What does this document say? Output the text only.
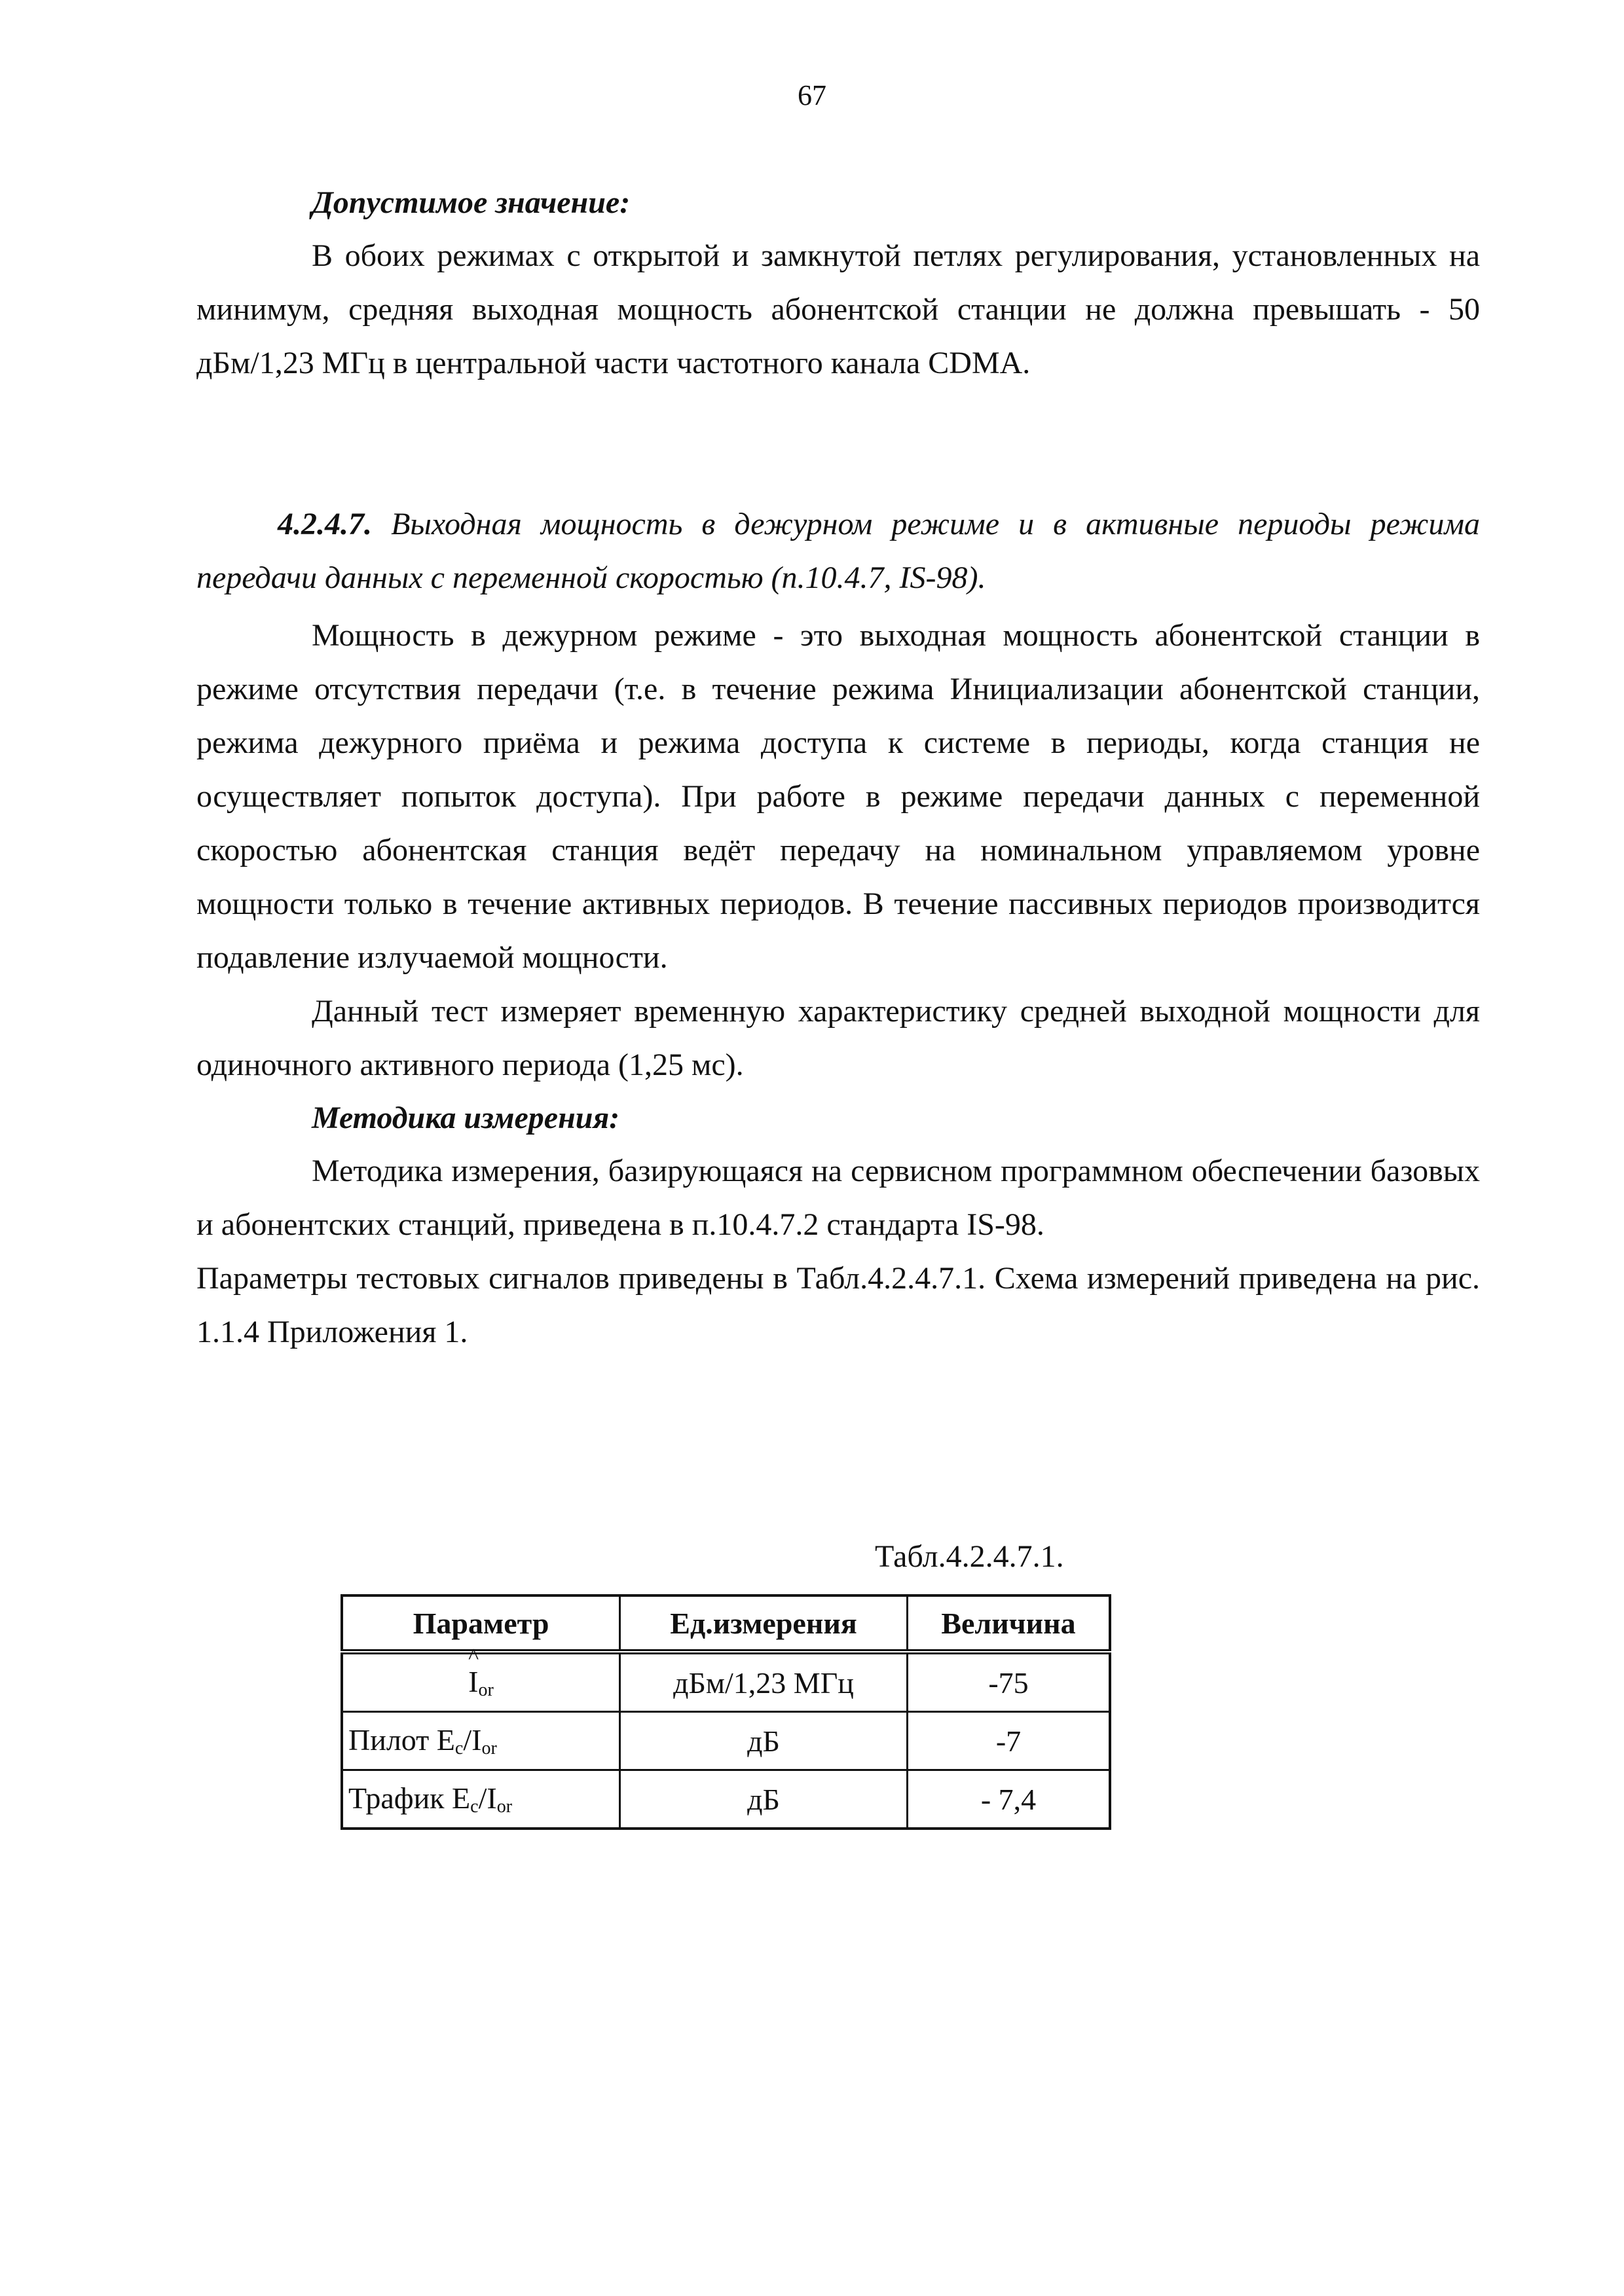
67

Допустимое значение:

В обоих режимах с открытой и замкнутой петлях регулирования, установленных на минимум, средняя выходная мощность абонентской станции не должна превышать - 50 дБм/1,23 МГц в центральной части частотного канала CDMA.

4.2.4.7. Выходная мощность в дежурном режиме и в активные периоды режима передачи данных с переменной скоростью (п.10.4.7, IS-98).

Мощность в дежурном режиме - это выходная мощность абонентской станции в режиме отсутствия передачи (т.е. в течение режима Инициализации абонентской станции, режима дежурного приёма и режима доступа к системе в периоды, когда станция не осуществляет попыток доступа). При работе в режиме передачи данных с переменной скоростью абонентская станция ведёт передачу на номинальном управляемом уровне мощности только в течение активных периодов. В течение пассивных периодов производится подавление излучаемой мощности.

Данный тест измеряет временную характеристику средней выходной мощности для одиночного активного периода (1,25 мс).

Методика измерения:

Методика измерения, базирующаяся на сервисном программном обеспечении базовых и абонентских станций, приведена в п.10.4.7.2 стандарта IS-98.

Параметры тестовых сигналов приведены в Табл.4.2.4.7.1. Схема измерений приведена на рис. 1.1.4 Приложения 1.

Табл.4.2.4.7.1.
Параметр	Ед.измерения	Величина
^ $I_{or}$	дБм/1,23 МГц	-75
Пилот $E_c/I_{or}$	дБ	-7
Трафик $E_c/I_{or}$	дБ	- 7,4
